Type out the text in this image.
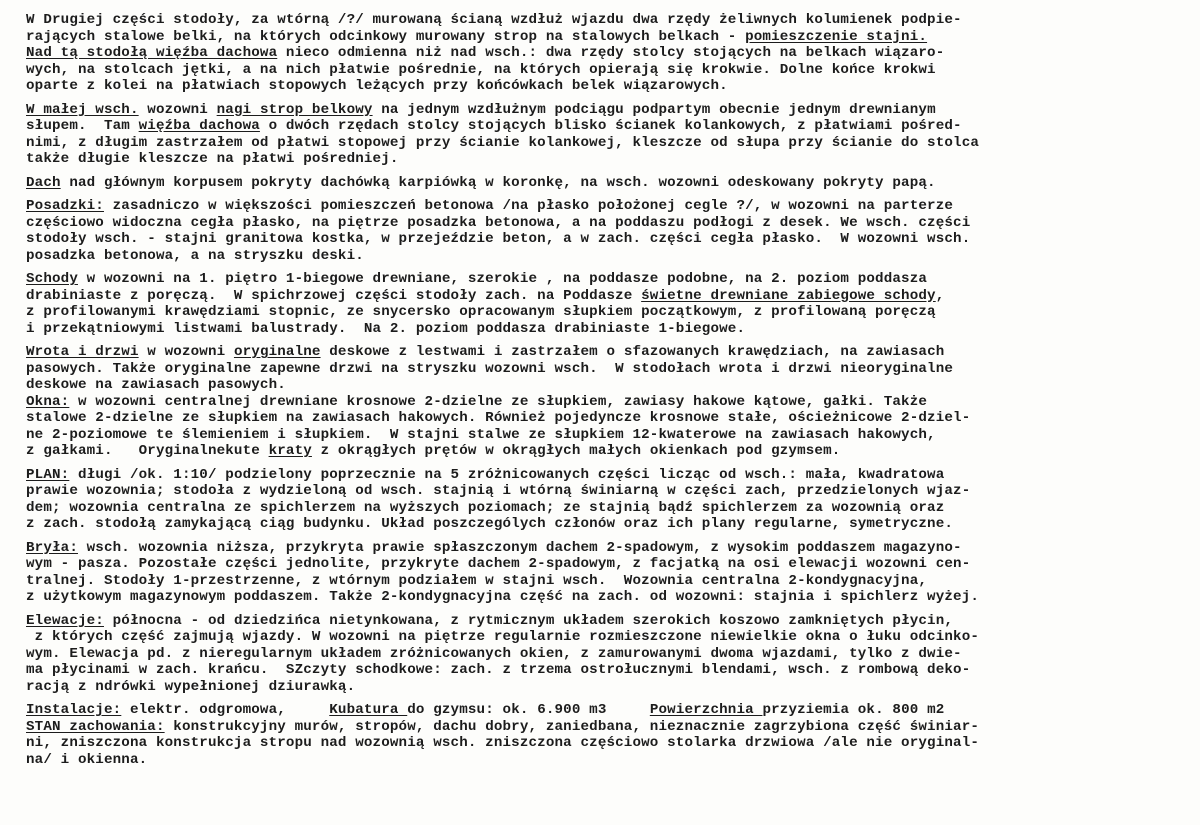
W Drugiej części stodoły, za wtórną /?/ murowaną ścianą wzdłuż wjazdu dwa rzędy żeliwnych kolumienek podpie-
rających stalowe belki, na których odcinkowy murowany strop na stalowych belkach - pomieszczenie stajni.
Nad tą stodołą więźba dachowa nieco odmienna niż nad wsch.: dwa rzędy stolcy stojących na belkach wiązaro-
wych, na stolcach jętki, a na nich płatwie pośrednie, na których opierają się krokwie. Dolne końce krokwi
oparte z kolei na płatwiach stopowych leżących przy końcówkach belek wiązarowych.
W małej wsch. wozowni nagi strop belkowy na jednym wzdłużnym podciągu podpartym obecnie jednym drewnianym
słupem.  Tam więźba dachowa o dwóch rzędach stolcy stojących blisko ścianek kolankowych, z płatwiami pośred-
nimi, z długim zastrzałem od płatwi stopowej przy ścianie kolankowej, kleszcze od słupa przy ścianie do stolca
także długie kleszcze na płatwi pośredniej.
Dach nad głównym korpusem pokryty dachówką karpiówką w koronkę, na wsch. wozowni odeskowany pokryty papą.
Posadzki: zasadniczo w większości pomieszczeń betonowa /na płasko położonej cegle ?/, w wozowni na parterze
częściowo widoczna cegła płasko, na piętrze posadzka betonowa, a na poddaszu podłogi z desek. We wsch. części
stodoły wsch. - stajni granitowa kostka, w przejeździe beton, a w zach. części cegła płasko.  W wozowni wsch.
posadzka betonowa, a na stryszku deski.
Schody w wozowni na 1. piętro 1-biegowe drewniane, szerokie , na poddasze podobne, na 2. poziom poddasza
drabiniaste z poręczą.  W spichrzowej części stodoły zach. na Poddasze świetne drewniane zabiegowe schody,
z profilowanymi krawędziami stopnic, ze snycersko opracowanym słupkiem początkowym, z profilowaną poręczą
i przekątniowymi listwami balustrady.  Na 2. poziom poddasza drabiniaste 1-biegowe.
Wrota i drzwi w wozowni oryginalne deskowe z lestwami i zastrzałem o sfazowanych krawędziach, na zawiasach
pasowych. Także oryginalne zapewne drzwi na stryszku wozowni wsch.  W stodołach wrota i drzwi nieoryginalne
deskowe na zawiasach pasowych.
Okna: w wozowni centralnej drewniane krosnowe 2-dzielne ze słupkiem, zawiasy hakowe kątowe, gałki. Także
stalowe 2-dzielne ze słupkiem na zawiasach hakowych. Również pojedyncze krosnowe stałe, ościeżnicowe 2-dziel-
ne 2-poziomowe te ślemieniem i słupkiem.  W stajni stalwe ze słupkiem 12-kwaterowe na zawiasach hakowych,
z gałkami.   Oryginalnekute kraty z okrągłych prętów w okrągłych małych okienkach pod gzymsem.
PLAN: długi /ok. 1:10/ podzielony poprzecznie na 5 zróżnicowanych części licząc od wsch.: mała, kwadratowa
prawie wozownia; stodoła z wydzieloną od wsch. stajnią i wtórną świniarną w części zach, przedzielonych wjaz-
dem; wozownia centralna ze spichlerzem na wyższych poziomach; ze stajnią bądź spichlerzem za wozownią oraz
z zach. stodołą zamykającą ciąg budynku. Układ poszczególych członów oraz ich plany regularne, symetryczne.
Bryła: wsch. wozownia niższa, przykryta prawie spłaszczonym dachem 2-spadowym, z wysokim poddaszem magazyno-
wym - pasza. Pozostałe części jednolite, przykryte dachem 2-spadowym, z facjatką na osi elewacji wozowni cen-
tralnej. Stodoły 1-przestrzenne, z wtórnym podziałem w stajni wsch.  Wozownia centralna 2-kondygnacyjna,
z użytkowym magazynowym poddaszem. Także 2-kondygnacyjna część na zach. od wozowni: stajnia i spichlerz wyżej.
Elewacje: północna - od dziedzińca nietynkowana, z rytmicznym układem szerokich koszowo zamkniętych płycin,
z których część zajmują wjazdy. W wozowni na piętrze regularnie rozmieszczone niewielkie okna o łuku odcinko-
wym. Elewacja pd. z nieregularnym układem zróżnicowanych okien, z zamurowanymi dwoma wjazdami, tylko z dwie-
ma płycinami w zach. krańcu.  SZczyty schodkowe: zach. z trzema ostrołucznymi blendami, wsch. z rombową deko-
racją z ndrówki wypełnionej dziurawką.
Instalacje: elektr. odgromowa,     Kubatura do gzymsu: ok. 6.900 m3     Powierzchnia przyziemia ok. 800 m2
STAN zachowania: konstrukcyjny murów, stropów, dachu dobry, zaniedbana, nieznacznie zagrzybiona część świniar-
ni, zniszczona konstrukcja stropu nad wozownią wsch. zniszczona częściowo stolarka drzwiowa /ale nie oryginal-
na/ i okienna.
